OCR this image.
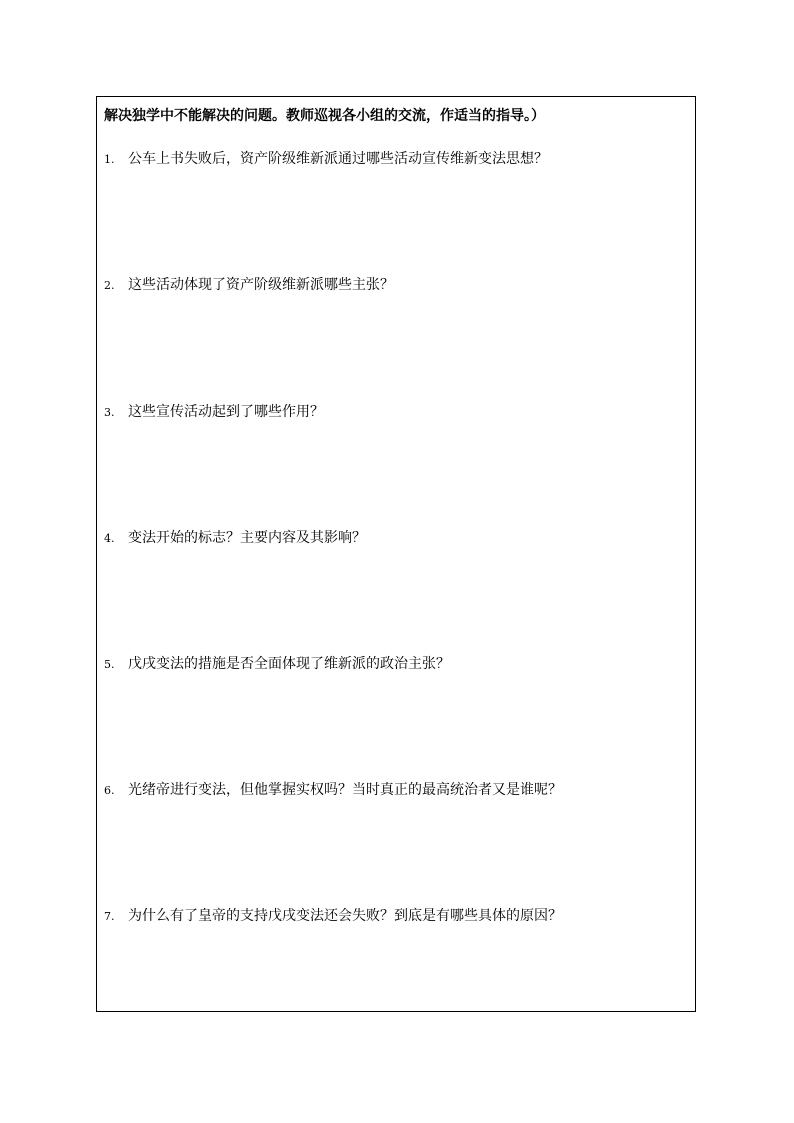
解决独学中不能解决的问题。教师巡视各小组的交流，作适当的指导。）
1. 公车上书失败后，资产阶级维新派通过哪些活动宣传维新变法思想？
2. 这些活动体现了资产阶级维新派哪些主张？
3. 这些宣传活动起到了哪些作用？
4. 变法开始的标志？主要内容及其影响？
5. 戊戌变法的措施是否全面体现了维新派的政治主张？
6. 光绪帝进行变法，但他掌握实权吗？当时真正的最高统治者又是谁呢？
7. 为什么有了皇帝的支持戊戌变法还会失败？到底是有哪些具体的原因？
